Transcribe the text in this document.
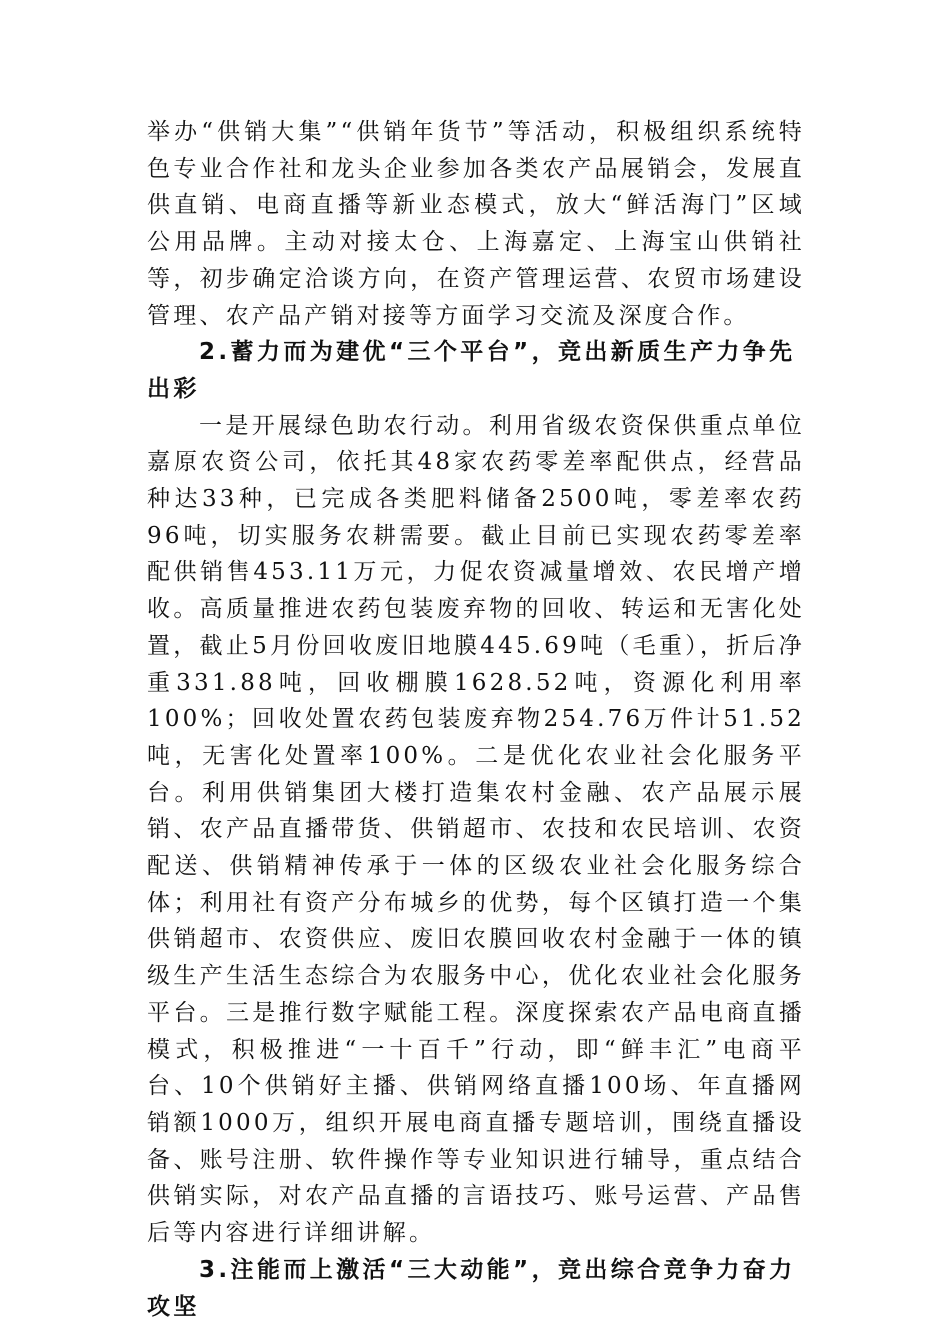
举办“供销大集”“供销年货节”等活动，积极组织系统特色专业合作社和龙头企业参加各类农产品展销会，发展直供直销、电商直播等新业态模式，放大“鲜活海门”区域公用品牌。主动对接太仓、上海嘉定、上海宝山供销社等，初步确定洽谈方向，在资产管理运营、农贸市场建设管理、农产品产销对接等方面学习交流及深度合作。

2.蓄力而为建优“三个平台”，竞出新质生产力争先出彩

一是开展绿色助农行动。利用省级农资保供重点单位嘉原农资公司，依托其48家农药零差率配供点，经营品种达33种，已完成各类肥料储备2500吨，零差率农药96吨，切实服务农耕需要。截止目前已实现农药零差率配供销售453.11万元，力促农资减量增效、农民增产增收。高质量推进农药包装废弃物的回收、转运和无害化处置，截止5月份回收废旧地膜445.69吨（毛重），折后净重331.88吨，回收棚膜1628.52吨，资源化利用率100%；回收处置农药包装废弃物254.76万件计51.52吨，无害化处置率100%。二是优化农业社会化服务平台。利用供销集团大楼打造集农村金融、农产品展示展销、农产品直播带货、供销超市、农技和农民培训、农资配送、供销精神传承于一体的区级农业社会化服务综合体；利用社有资产分布城乡的优势，每个区镇打造一个集供销超市、农资供应、废旧农膜回收农村金融于一体的镇级生产生活生态综合为农服务中心，优化农业社会化服务平台。三是推行数字赋能工程。深度探索农产品电商直播模式，积极推进“一十百千”行动，即“鲜丰汇”电商平台、10个供销好主播、供销网络直播100场、年直播网销额1000万，组织开展电商直播专题培训，围绕直播设备、账号注册、软件操作等专业知识进行辅导，重点结合供销实际，对农产品直播的言语技巧、账号运营、产品售后等内容进行详细讲解。

3.注能而上激活“三大动能”，竞出综合竞争力奋力攻坚
